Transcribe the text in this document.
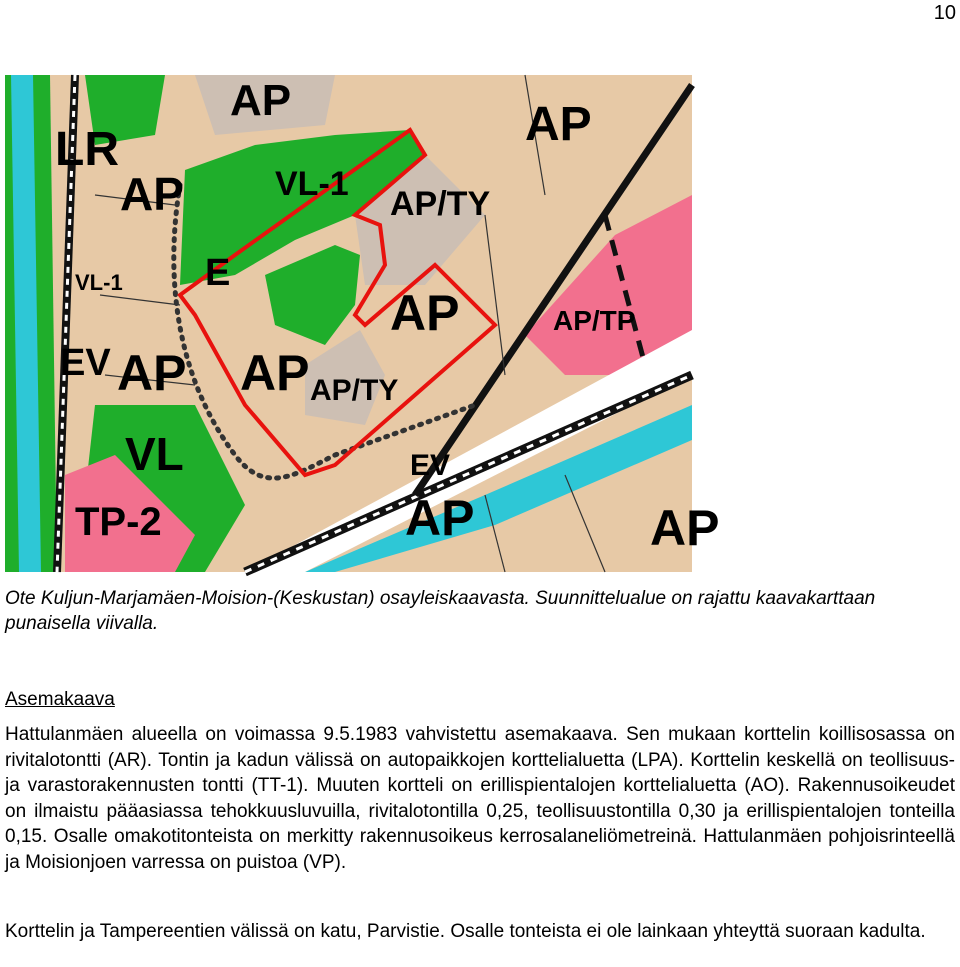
10
LR
AP	AP
VL-1
AP/TY
AP
VL-1 E
EV
AP	AP/TP
AP AP AP/TY
VL	EV
TP-2	AP	AP

Ote Kuljun-Marjamäen-Moision-(Keskustan) osayleiskaavasta. Suunnittelualue on rajattu kaavakarttaan punaisella viivalla.

Asemakaava

Hattulanmäen alueella on voimassa 9.5.1983 vahvistettu asemakaava. Sen mukaan korttelin koillisosassa on rivitalotontti (AR). Tontin ja kadun välissä on autopaikkojen korttelialuetta (LPA). Korttelin keskellä on teollisuus- ja varastorakennusten tontti (TT-1). Muuten kortteli on erillispientalojen korttelialuetta (AO). Rakennusoikeudet on ilmaistu pääasiassa tehokkuusluvuilla, rivitalotontilla 0,25, teollisuustontilla 0,30 ja erillispientalojen tonteilla 0,15. Osalle omakotitonteista on merkitty rakennusoikeus kerrosalaneliömetreinä. Hattulanmäen pohjoisrinteellä ja Moisionjoen varressa on puistoa (VP).

Korttelin ja Tampereentien välissä on katu, Parvistie. Osalle tonteista ei ole lainkaan yhteyttä suoraan kadulta.
